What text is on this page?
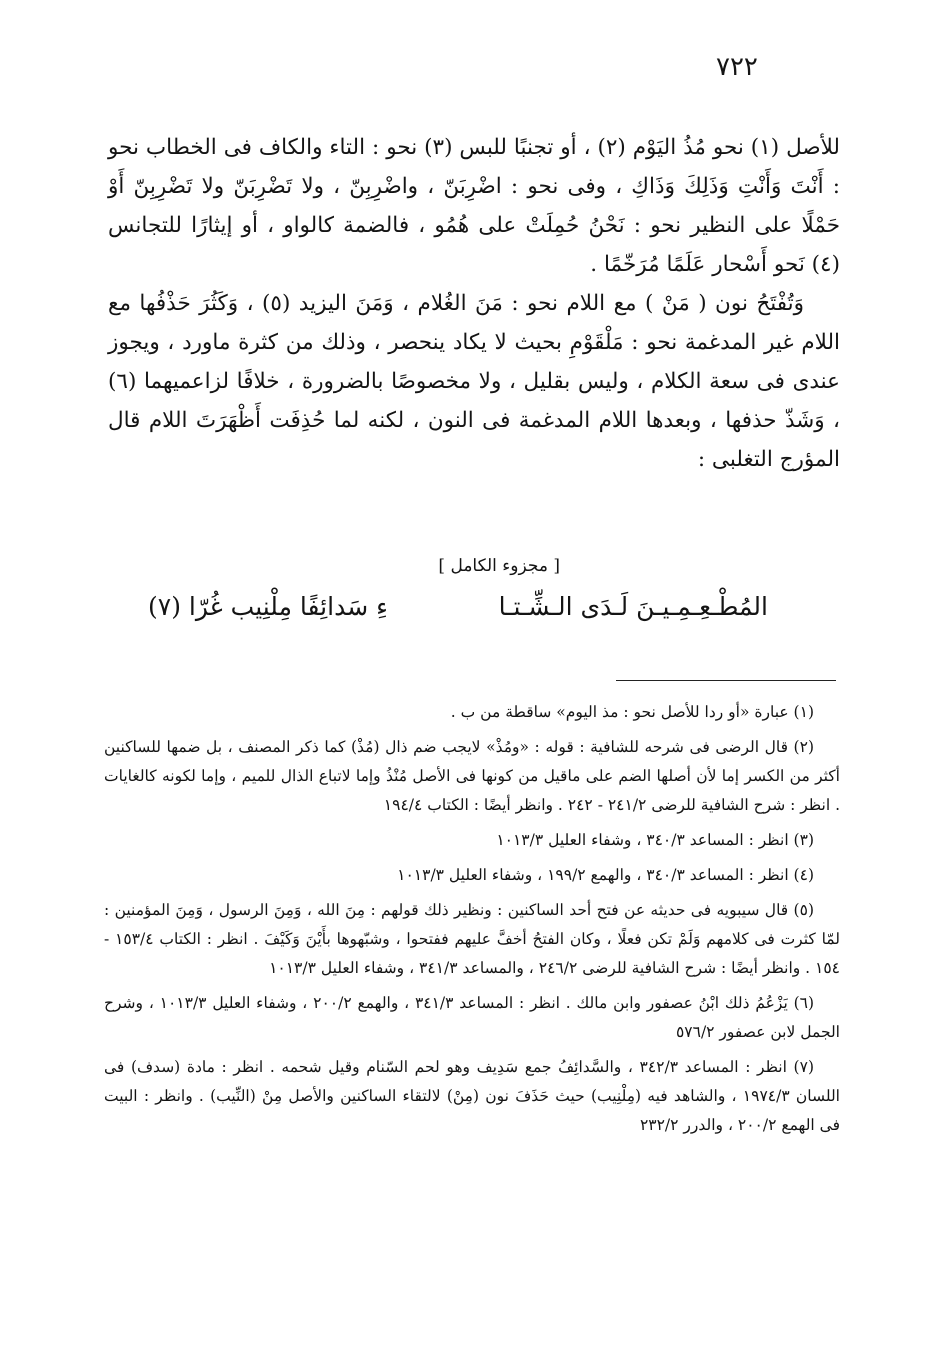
٧٢٢

للأصل (١) نحو مُذُ اليَوْم (٢) ، أو تجنبًا للبس (٣) نحو : التاء والكاف فى الخطاب نحو : أَنْتَ وَأَنْتِ وَذَلِكَ وَذَاكِ ، وفى نحو : اضْرِبَنّ ، واضْرِبِنّ ، ولا تَضْرِبَنّ ولا تَضْرِبِنّ أَوْ حَمْلًا على النظير نحو : نَحْنُ حُمِلَتْ على هُمُو ، فالضمة كالواو ، أو إيثارًا للتجانس (٤) نَحو أَسْحار عَلَمًا مُرَخّمًا .

وَتُفْتَحُ نون ( مَنْ ) مع اللام نحو : مَنَ الغُلام ، وَمَنَ اليزيد (٥) ، وَكَثُرَ حَذْفُها مع اللام غير المدغمة نحو : مَلْقَوْمِ بحيث لا يكاد ينحصر ، وذلك من كثرة ماورد ، ويجوز عندى فى سعة الكلام ، وليس بقليل ، ولا مخصوصًا بالضرورة ، خلافًا لزاعميهما (٦) ، وَشَذّ حذفها ، وبعدها اللام المدغمة فى النون ، لكنه لما حُذِفَت أَظْهَرَتَ اللام قال المؤرج التغلبى :

[ مجزوء الكامل ]
المُطْـعِـمِـيـنَ لَـدَى الـشِّـتـا
ءِ سَدائِفًا مِلْنِيب غُرّا (٧)

(١) عبارة «أو ردا للأصل نحو : مذ اليوم» ساقطة من ب .

(٢) قال الرضى فى شرحه للشافية : قوله : «ومُذْ» لايجب ضم ذال (مُذْ) كما ذكر المصنف ، بل ضمها للساكنين أكثر من الكسر إما لأن أصلها الضم على ماقيل من كونها فى الأصل مُنْذُ وإما لاتباع الذال للميم ، وإما لكونه كالغايات . انظر : شرح الشافية للرضى ٢٤١/٢ - ٢٤٢ . وانظر أيضًا : الكتاب ١٩٤/٤

(٣) انظر : المساعد ٣٤٠/٣ ، وشفاء العليل ١٠١٣/٣

(٤) انظر : المساعد ٣٤٠/٣ ، والهمع ١٩٩/٢ ، وشفاء العليل ١٠١٣/٣

(٥) قال سيبويه فى حديثه عن فتح أحد الساكنين : ونظير ذلك قولهم : مِنَ الله ، وَمِنَ الرسول ، وَمِنَ المؤمنين : لمّا كثرت فى كلامهم وَلَمْ تكن فعلًا ، وكان الفتحُ أخفَّ عليهم ففتحوا ، وشبّهوها بأَيْنَ وَكَيْفَ . انظر : الكتاب ١٥٣/٤ - ١٥٤ . وانظر أيضًا : شرح الشافية للرضى ٢٤٦/٢ ، والمساعد ٣٤١/٣ ، وشفاء العليل ١٠١٣/٣

(٦) يَزْعُمُ ذلك ابْنُ عصفور وابن مالك . انظر : المساعد ٣٤١/٣ ، والهمع ٢٠٠/٢ ، وشفاء العليل ١٠١٣/٣ ، وشرح الجمل لابن عصفور ٥٧٦/٢

(٧) انظر : المساعد ٣٤٢/٣ ، والسَّدائِفُ جمع سَدِيف وهو لحم السّنام وقيل شحمه . انظر : مادة (سدف) فى اللسان ١٩٧٤/٣ ، والشاهد فيه (مِلْنِيب) حيث حَذَفَ نون (مِنْ) لالتقاء الساكنين والأصل مِنْ (النِّيب) . وانظر : البيت فى الهمع ٢٠٠/٢ ، والدرر ٢٣٢/٢
